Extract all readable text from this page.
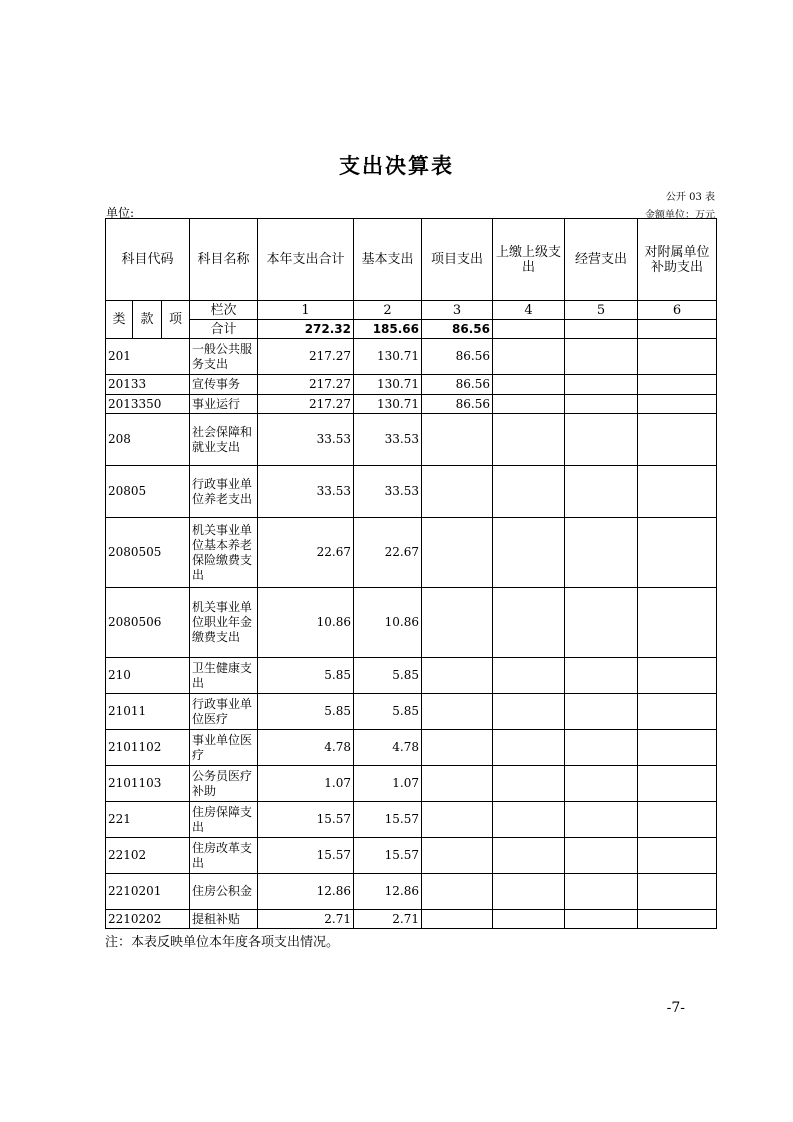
支出决算表
公开 03 表
单位:	金额单位：万元
科目代码			科目名称	本年支出合计	基本支出	项目支出	上缴上级支出	经营支出	对附属单位补助支出
类	款	项	栏次	1	2	3	4	5	6
			合计	272.32	185.66	86.56			
201			一般公共服务支出	217.27	130.71	86.56			
20133			宣传事务	217.27	130.71	86.56			
2013350			事业运行	217.27	130.71	86.56			
208			社会保障和就业支出	33.53	33.53				
20805			行政事业单位养老支出	33.53	33.53				
2080505			机关事业单位基本养老保险缴费支出	22.67	22.67				
2080506			机关事业单位职业年金缴费支出	10.86	10.86				
210			卫生健康支出	5.85	5.85				
21011			行政事业单位医疗	5.85	5.85				
2101102			事业单位医疗	4.78	4.78				
2101103			公务员医疗补助	1.07	1.07				
221			住房保障支出	15.57	15.57				
22102			住房改革支出	15.57	15.57				
2210201			住房公积金	12.86	12.86				
2210202			提租补贴	2.71	2.71				
注：本表反映单位本年度各项支出情况。
-7-
